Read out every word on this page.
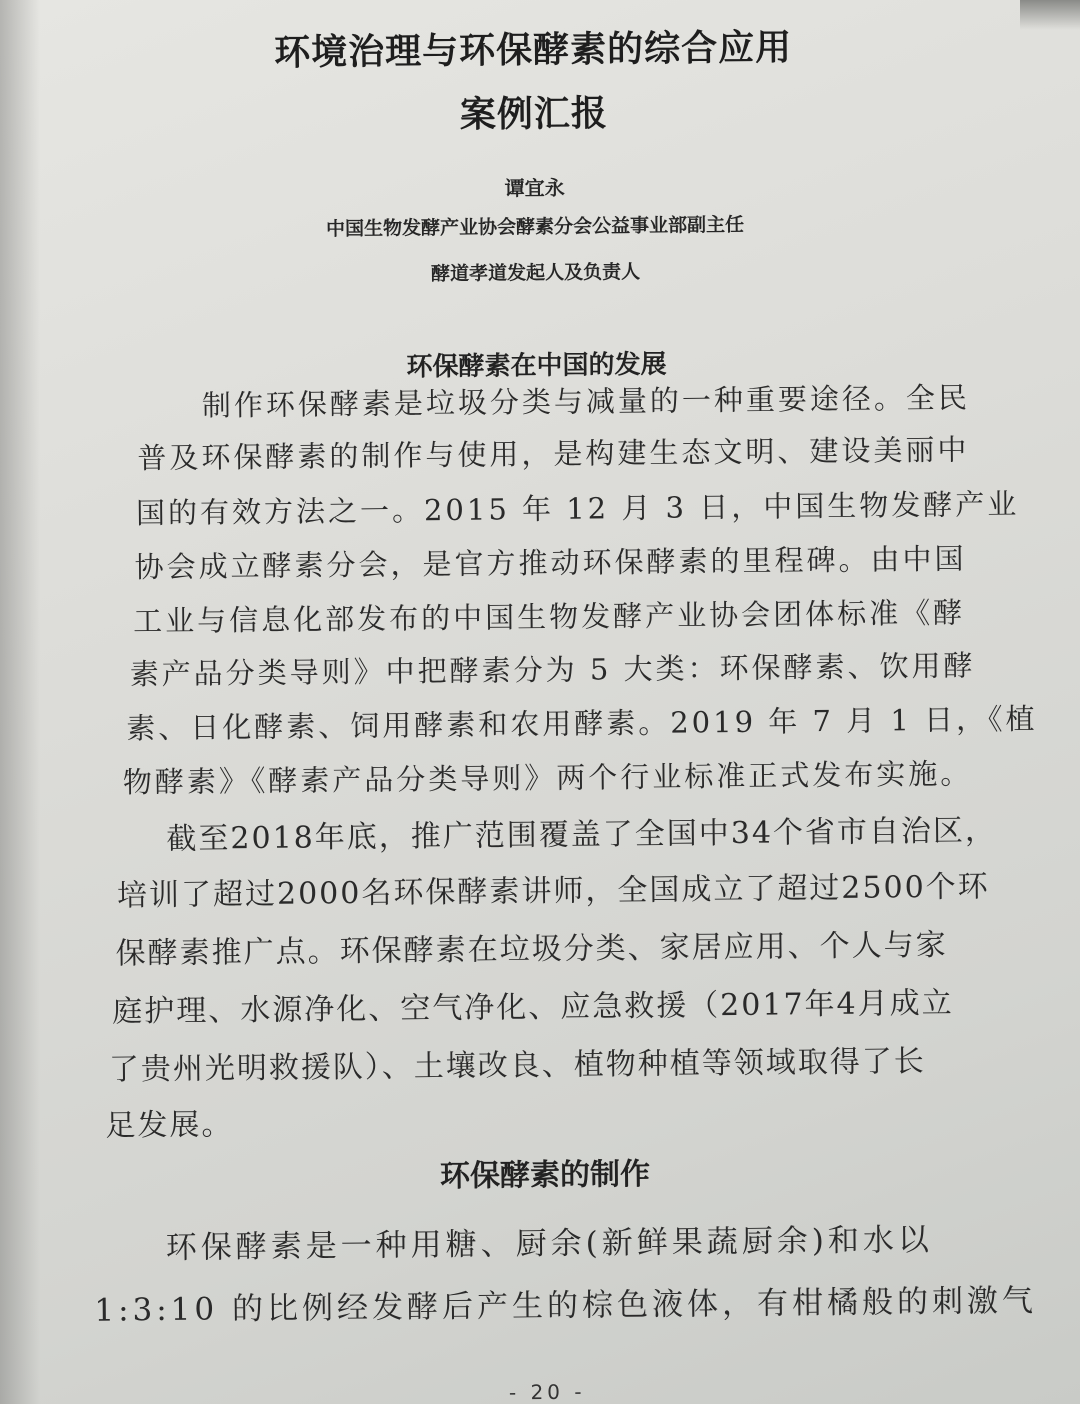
环境治理与环保酵素的综合应用
案例汇报

谭宜永

中国生物发酵产业协会酵素分会公益事业部副主任

酵道孝道发起人及负责人

环保酵素在中国的发展

制作环保酵素是垃圾分类与减量的一种重要途径。全民

普及环保酵素的制作与使用，是构建生态文明、建设美丽中

国的有效方法之一。2015 年 12 月 3 日，中国生物发酵产业

协会成立酵素分会，是官方推动环保酵素的里程碑。由中国

工业与信息化部发布的中国生物发酵产业协会团体标准《酵

素产品分类导则》中把酵素分为 5 大类：环保酵素、饮用酵

素、日化酵素、饲用酵素和农用酵素。2019 年 7 月 1 日，《植

物酵素》《酵素产品分类导则》两个行业标准正式发布实施。

截至2018年底，推广范围覆盖了全国中34个省市自治区，

培训了超过2000名环保酵素讲师，全国成立了超过2500个环

保酵素推广点。环保酵素在垃圾分类、家居应用、个人与家

庭护理、水源净化、空气净化、应急救援（2017年4月成立

了贵州光明救援队）、土壤改良、植物种植等领域取得了长

足发展。

环保酵素的制作

环保酵素是一种用糖、厨余(新鲜果蔬厨余)和水以

1:3:10 的比例经发酵后产生的棕色液体，有柑橘般的刺激气

- 20 -
